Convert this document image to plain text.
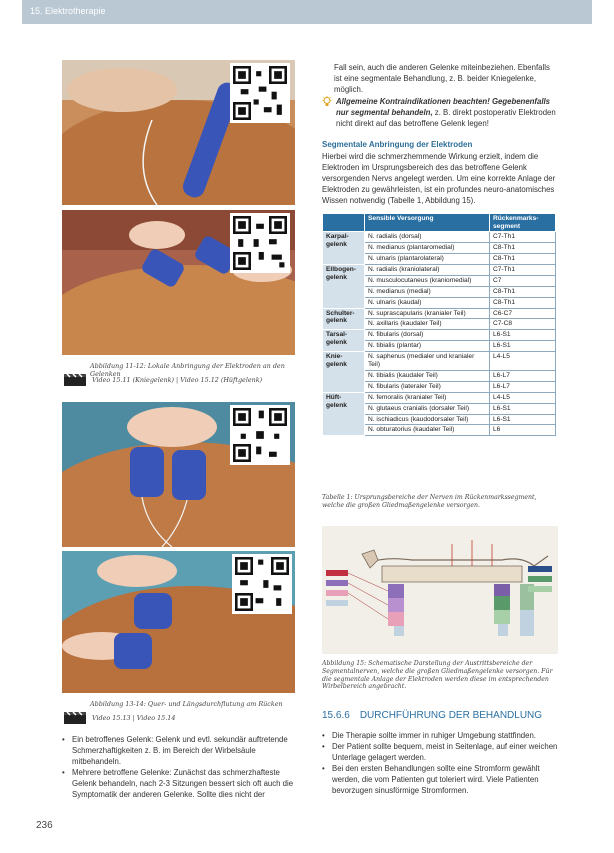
15. Elektrotherapie
Abbildung 11-12: Lokale Anbringung der Elektroden an den Gelenken
Video 15.11 (Kniegelenk) | Video 15.12 (Hüftgelenk)
Abbildung 13-14: Quer- und Längsdurchflutung am Rücken
Video 15.13 | Video 15.14
• Ein betroffenes Gelenk: Gelenk und evtl. sekundär auftretende Schmerzhaftigkeiten z. B. im Bereich der Wirbelsäule mitbehandeln.
• Mehrere betroffene Gelenke: Zunächst das schmerzhafteste Gelenk behandeln, nach 2-3 Sitzungen bessert sich oft auch die Symptomatik der anderen Gelenke. Sollte dies nicht der
Fall sein, auch die anderen Gelenke miteinbeziehen. Ebenfalls ist eine segmentale Behandlung, z. B. beider Kniegelenke, möglich.
Allgemeine Kontraindikationen beachten! Gegebenenfalls nur segmental behandeln, z. B. direkt postoperativ Elektroden nicht direkt auf das betroffene Gelenk legen!
Segmentale Anbringung der Elektroden
Hierbei wird die schmerzhemmende Wirkung erzielt, indem die Elektroden im Ursprungsbereich des das betroffene Gelenk versorgenden Nervs angelegt werden. Um eine korrekte Anlage der Elektroden zu gewährleisten, ist ein profundes neuro-anatomisches Wissen notwendig (Tabelle 1, Abbildung 15).
	Sensible Versorgung	Rückenmarks-segment
Karpal-gelenk	N. radialis (dorsal)	C7-Th1
	N. medianus (plantaromedial)	C8-Th1
	N. ulnaris (plantarolateral)	C8-Th1
Ellbogen-gelenk	N. radialis (kraniolateral)	C7-Th1
	N. musculocutaneus (kraniomedial)	C7
	N. medianus (medial)	C8-Th1
	N. ulnaris (kaudal)	C8-Th1
Schulter-gelenk	N. suprascapularis (kranialer Teil)	C6-C7
	N. axillaris (kaudaler Teil)	C7-C8
Tarsal-gelenk	N. fibularis (dorsal)	L6-S1
	N. tibialis (plantar)	L6-S1
Knie-gelenk	N. saphenus (medialer und kranialer Teil)	L4-L5
	N. tibialis (kaudaler Teil)	L6-L7
	N. fibularis (lateraler Teil)	L6-L7
Hüft-gelenk	N. femoralis (kranialer Teil)	L4-L5
	N. glutaeus cranialis (dorsaler Teil)	L6-S1
	N. ischiadicus (kaudodorsaler Teil)	L6-S1
	N. obturatorius (kaudaler Teil)	L6
Tabelle 1: Ursprungsbereiche der Nerven im Rückenmarkssegment, welche die großen Gliedmaßengelenke versorgen.
Abbildung 15: Schematische Darstellung der Austrittsbereiche der Segmentalnerven, welche die großen Gliedmaßengelenke versorgen. Für die segmentale Anlage der Elektroden werden diese im entsprechenden Wirbelbereich angebracht.
15.6.6 DURCHFÜHRUNG DER BEHANDLUNG
• Die Therapie sollte immer in ruhiger Umgebung stattfinden.
• Der Patient sollte bequem, meist in Seitenlage, auf einer weichen Unterlage gelagert werden.
• Bei den ersten Behandlungen sollte eine Stromform gewählt werden, die vom Patienten gut toleriert wird. Viele Patienten bevorzugen sinusförmige Stromformen.
236
